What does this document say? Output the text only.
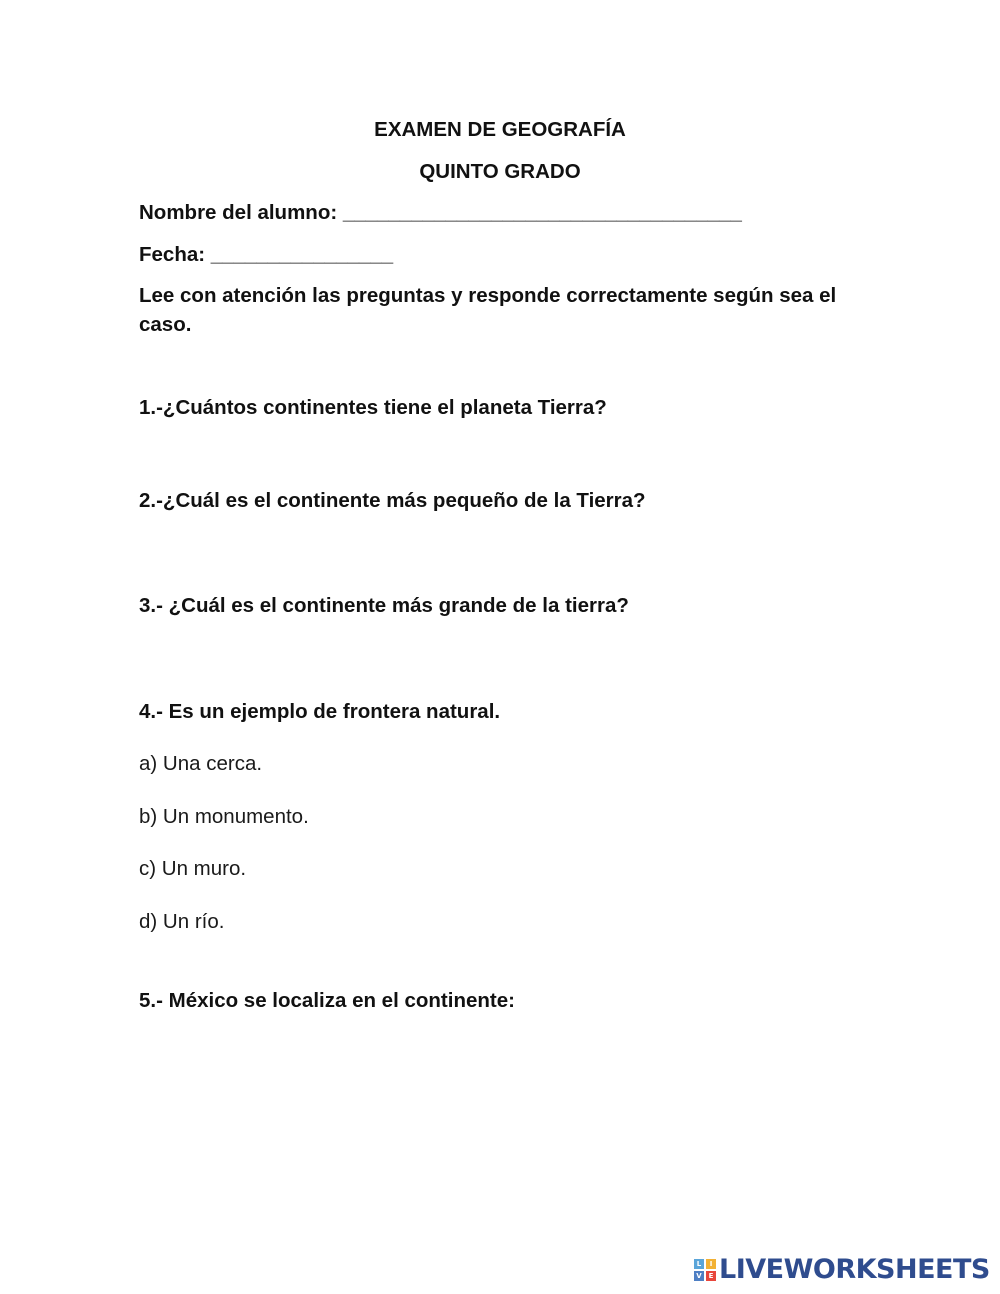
EXAMEN DE GEOGRAFÍA
QUINTO GRADO
Nombre del alumno: ___________________________________
Fecha: ________________
Lee con atención las preguntas y responde correctamente según sea el caso.
1.-¿Cuántos continentes tiene el planeta Tierra?
2.-¿Cuál es el continente más pequeño de la Tierra?
3.- ¿Cuál es el continente más grande de la tierra?
4.- Es un ejemplo de frontera natural.
a) Una cerca.
b) Un monumento.
c) Un muro.
d) Un río.
5.- México se localiza en el continente:
L	I
V E LIVEWORKSHEETS
